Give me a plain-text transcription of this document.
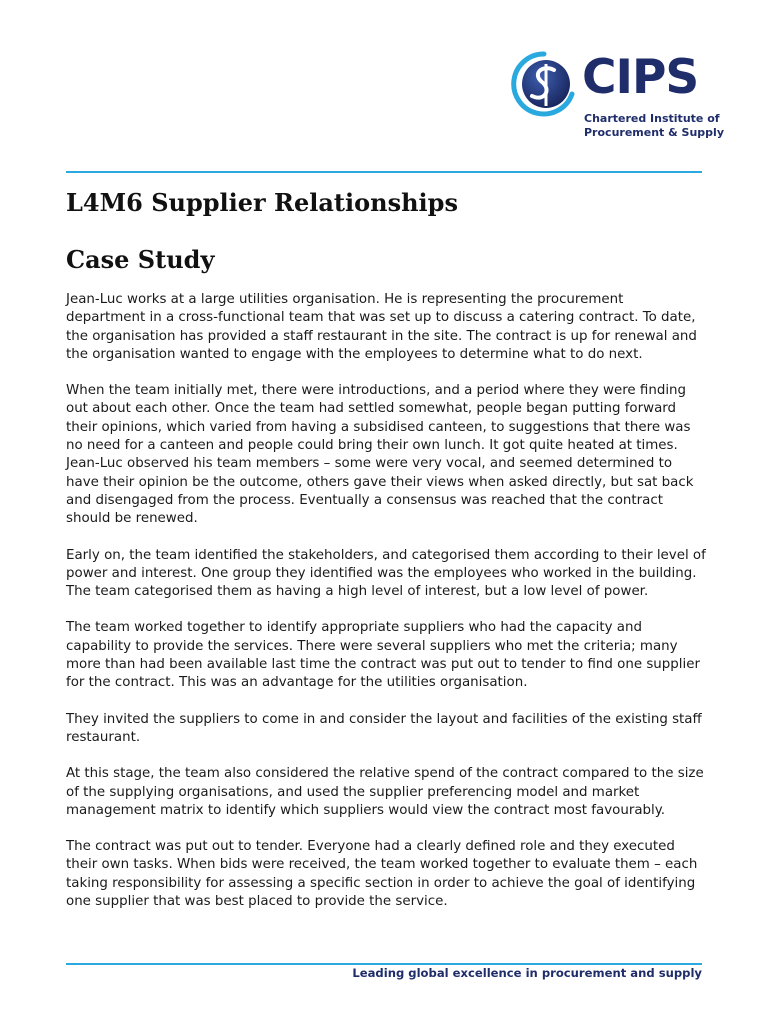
CIPS
Chartered Institute of
Procurement & Supply
L4M6 Supplier Relationships
Case Study

Jean-Luc works at a large utilities organisation. He is representing the procurement department in a cross-functional team that was set up to discuss a catering contract. To date, the organisation has provided a staff restaurant in the site. The contract is up for renewal and the organisation wanted to engage with the employees to determine what to do next.

When the team initially met, there were introductions, and a period where they were finding out about each other. Once the team had settled somewhat, people began putting forward their opinions, which varied from having a subsidised canteen, to suggestions that there was no need for a canteen and people could bring their own lunch. It got quite heated at times. Jean-Luc observed his team members – some were very vocal, and seemed determined to have their opinion be the outcome, others gave their views when asked directly, but sat back and disengaged from the process. Eventually a consensus was reached that the contract should be renewed.

Early on, the team identified the stakeholders, and categorised them according to their level of power and interest. One group they identified was the employees who worked in the building. The team categorised them as having a high level of interest, but a low level of power.

The team worked together to identify appropriate suppliers who had the capacity and capability to provide the services. There were several suppliers who met the criteria; many more than had been available last time the contract was put out to tender to find one supplier for the contract. This was an advantage for the utilities organisation.

They invited the suppliers to come in and consider the layout and facilities of the existing staff restaurant.

At this stage, the team also considered the relative spend of the contract compared to the size of the supplying organisations, and used the supplier preferencing model and market management matrix to identify which suppliers would view the contract most favourably.

The contract was put out to tender. Everyone had a clearly defined role and they executed their own tasks. When bids were received, the team worked together to evaluate them – each taking responsibility for assessing a specific section in order to achieve the goal of identifying one supplier that was best placed to provide the service.

Leading global excellence in procurement and supply
